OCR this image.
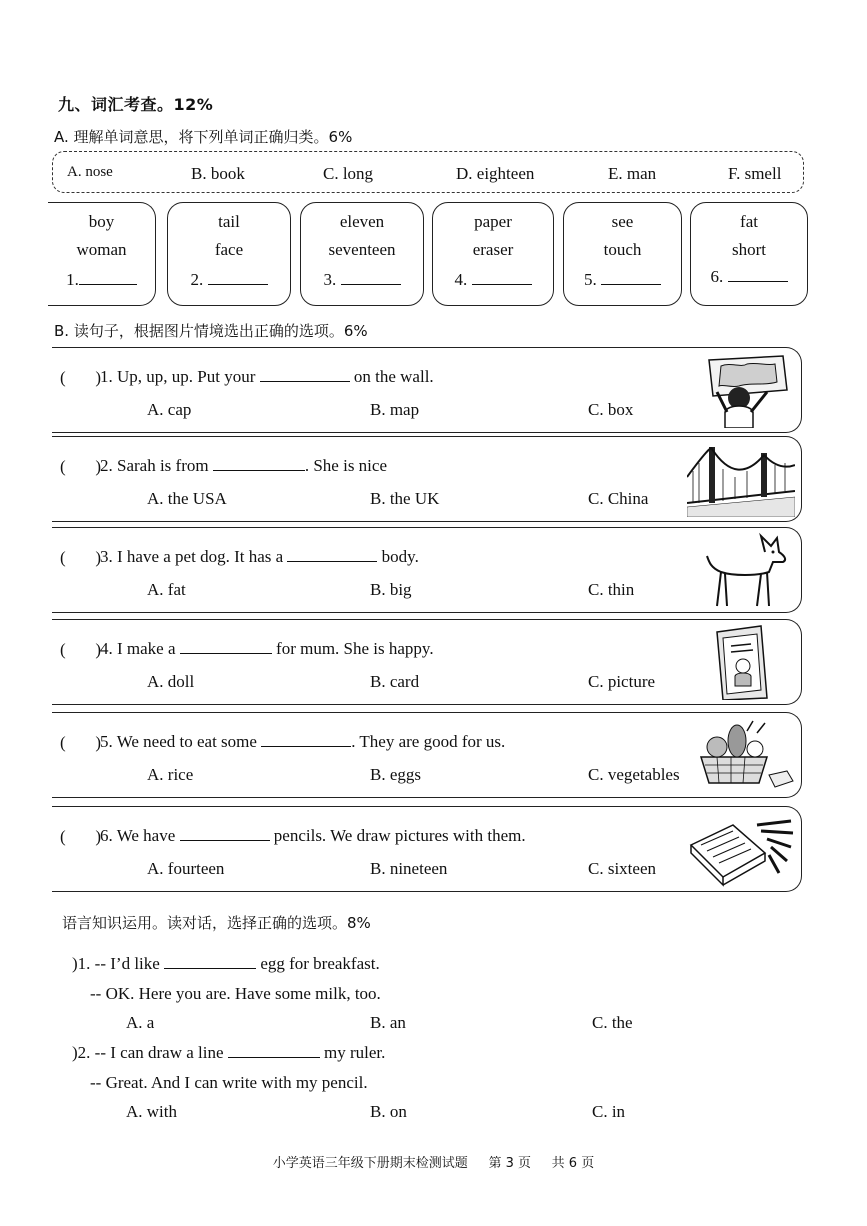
九、词汇考查。12%
A. 理解单词意思，将下列单词正确归类。6%
A. nose	B. book	C. long	D. eighteen	E. man	F. smell
boy
woman
1.
tail
face
2.
eleven
seventeen
3.
paper
eraser
4.
see
touch
5.
fat
short
6.
B. 读句子，根据图片情境选出正确的选项。6%
( )
1. Up, up, up. Put your	on the wall.
A. cap	B. map	C. box
( )
2. Sarah is from	. She is nice
A. the USA	B. the UK	C. China
( )
3. I have a pet dog. It has a	body.
A. fat	B. big	C. thin
( )
4. I make a	for mum. She is happy.
A. doll	B. card	C. picture
( )
5. We need to eat some	. They are good for us.
A. rice	B. eggs	C. vegetables
( )
6. We have	pencils. We draw pictures with them.
A. fourteen	B. nineteen	C. sixteen
语言知识运用。读对话，选择正确的选项。8%
)1. -- I’d like	egg for breakfast.
-- OK. Here you are. Have some milk, too.
A. a	B. an	C. the
)2. -- I can draw a line	my ruler.
-- Great. And I can write with my pencil.
A. with	B. on	C. in
小学英语三年级下册期末检测试题 第 3 页 共 6 页
